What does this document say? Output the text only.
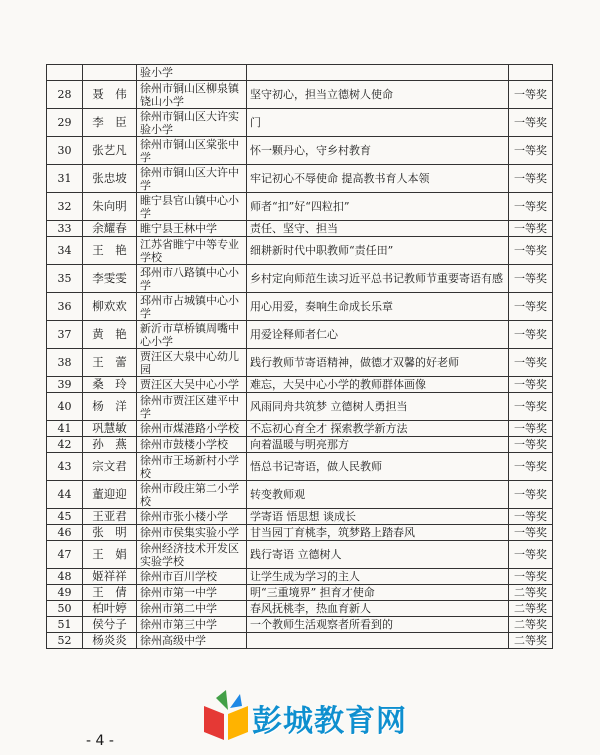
		验小学		
28	聂　伟	徐州市铜山区柳泉镇铙山小学	坚守初心，担当立德树人使命	一等奖
29	李　臣	徐州市铜山区大许实验小学	门	一等奖
30	张艺凡	徐州市铜山区棠张中学	怀一颗丹心，守乡村教育	一等奖
31	张忠坡	徐州市铜山区大许中学	牢记初心不辱使命 提高教书育人本领	一等奖
32	朱向明	睢宁县官山镇中心小学	师者“扣”好“四粒扣”	一等奖
33	余耀春	睢宁县王林中学	责任、坚守、担当	一等奖
34	王　艳	江苏省睢宁中等专业学校	细耕新时代中职教师“责任田”	一等奖
35	李雯雯	邳州市八路镇中心小学	乡村定向师范生读习近平总书记教师节重要寄语有感	一等奖
36	柳欢欢	邳州市占城镇中心小学	用心用爱，奏响生命成长乐章	一等奖
37	黄　艳	新沂市草桥镇周嘴中心小学	用爱诠释师者仁心	一等奖
38	王　蕾	贾汪区大泉中心幼儿园	践行教师节寄语精神，做德才双馨的好老师	一等奖
39	桑　玲	贾汪区大吴中心小学	难忘，大吴中心小学的教师群体画像	一等奖
40	杨　洋	徐州市贾汪区建平中学	风雨同舟共筑梦 立德树人勇担当	一等奖
41	巩慧敏	徐州市煤港路小学校	不忘初心育全才 探索教学新方法	一等奖
42	孙　燕	徐州市鼓楼小学校	向着温暖与明亮那方	一等奖
43	宗文君	徐州市王场新村小学校	悟总书记寄语，做人民教师	一等奖
44	董迎迎	徐州市段庄第二小学校	转变教师观	一等奖
45	王亚君	徐州市张小楼小学	学寄语 悟思想 谈成长	一等奖
46	张　明	徐州市侯集实验小学	甘当园丁育桃李，筑梦路上踏春风	一等奖
47	王　娟	徐州经济技术开发区实验学校	践行寄语 立德树人	一等奖
48	姬祥祥	徐州市百川学校	让学生成为学习的主人	一等奖
49	王　倩	徐州市第一中学	明“三重境界” 担育才使命	二等奖
50	柏叶婷	徐州市第二中学	春风抚桃李，热血育新人	二等奖
51	侯兮子	徐州市第三中学	一个教师生活观察者所看到的	二等奖
52	杨炎炎	徐州高级中学		二等奖
- 4 -
彭城教育网
